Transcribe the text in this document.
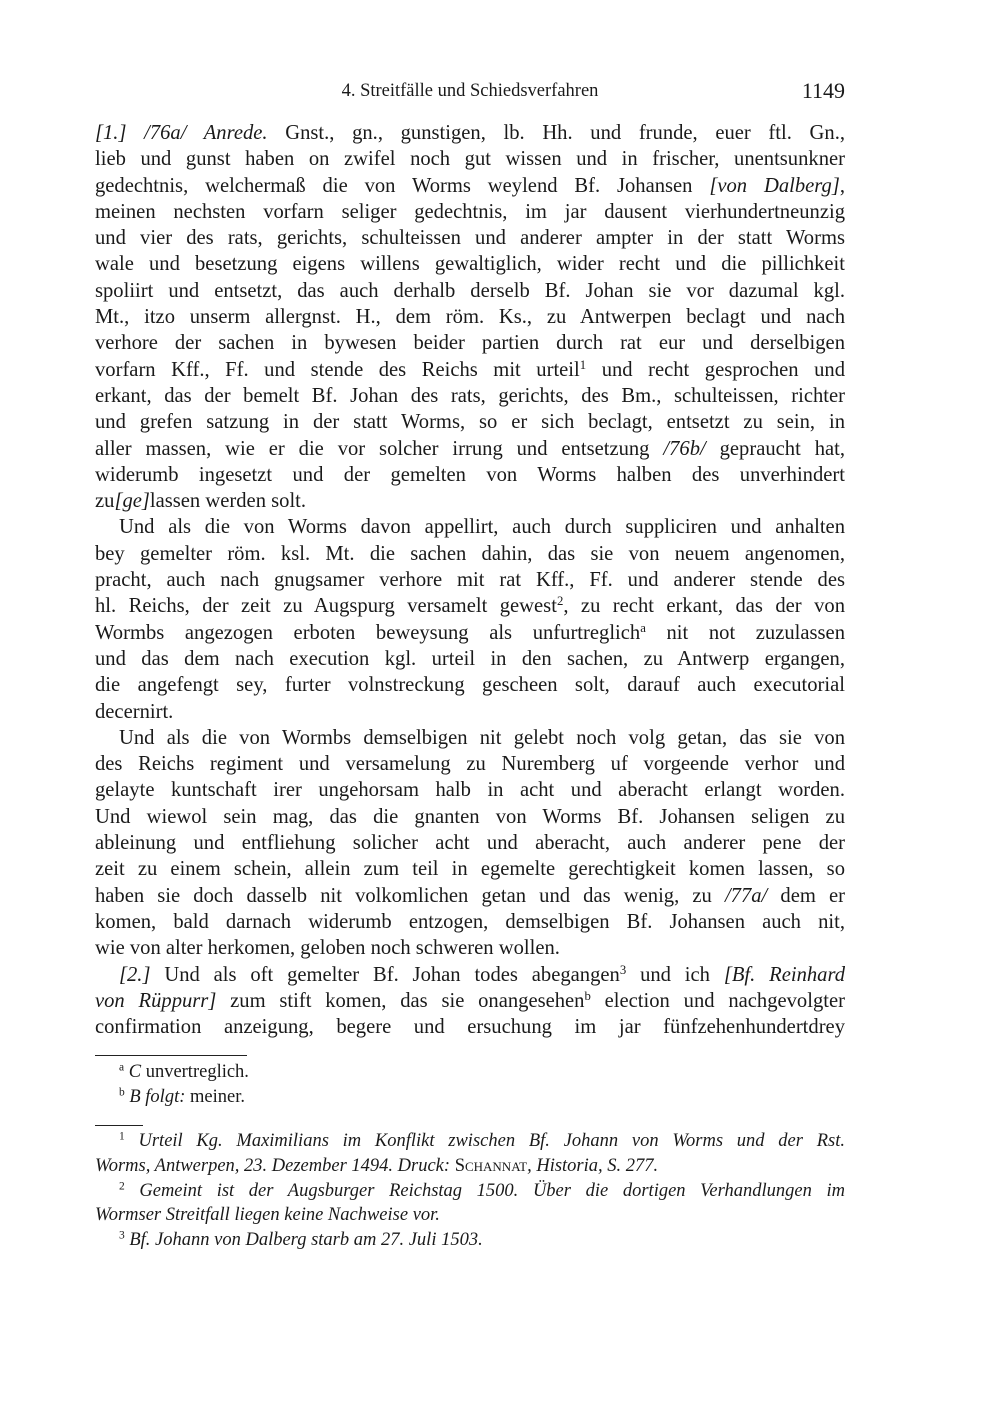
4. Streitfälle und Schiedsverfahren	1149
[1.] /76a/ Anrede. Gnst., gn., gunstigen, lb. Hh. und frunde, euer ftl. Gn.,
lieb und gunst haben on zwifel noch gut wissen und in frischer, unentsunkner
gedechtnis, welchermaß die von Worms weylend Bf. Johansen [von Dalberg],
meinen nechsten vorfarn seliger gedechtnis, im jar dausent vierhundertneunzig
und vier des rats, gerichts, schulteissen und anderer ampter in der statt Worms
wale und besetzung eigens willens gewaltiglich, wider recht und die pillichkeit
spoliirt und entsetzt, das auch derhalb derselb Bf. Johan sie vor dazumal kgl.
Mt., itzo unserm allergnst. H., dem röm. Ks., zu Antwerpen beclagt und nach
verhore der sachen in bywesen beider partien durch rat eur und derselbigen
vorfarn Kff., Ff. und stende des Reichs mit urteil$^1$ und recht gesprochen und
erkant, das der bemelt Bf. Johan des rats, gerichts, des Bm., schulteissen, richter
und grefen satzung in der statt Worms, so er sich beclagt, entsetzt zu sein, in
aller massen, wie er die vor solcher irrung und entsetzung /76b/ gepraucht hat,
widerumb ingesetzt und der gemelten von Worms halben des unverhindert
zu[ge]lassen werden solt.
Und als die von Worms davon appellirt, auch durch suppliciren und anhalten
bey gemelter röm. ksl. Mt. die sachen dahin, das sie von neuem angenomen,
pracht, auch nach gnugsamer verhore mit rat Kff., Ff. und anderer stende des
hl. Reichs, der zeit zu Augspurg versamelt gewest$^2$, zu recht erkant, das der von
Wormbs angezogen erboten beweysung als unfurtreglich$^a$ nit not zuzulassen
und das dem nach execution kgl. urteil in den sachen, zu Antwerp ergangen,
die angefengt sey, furter volnstreckung gescheen solt, darauf auch executorial
decernirt.
Und als die von Wormbs demselbigen nit gelebt noch volg getan, das sie von
des Reichs regiment und versamelung zu Nuremberg uf vorgeende verhor und
gelayte kuntschaft irer ungehorsam halb in acht und aberacht erlangt worden.
Und wiewol sein mag, das die gnanten von Worms Bf. Johansen seligen zu
ableinung und entfliehung solicher acht und aberacht, auch anderer pene der
zeit zu einem schein, allein zum teil in egemelte gerechtigkeit komen lassen, so
haben sie doch dasselb nit volkomlichen getan und das wenig, zu /77a/ dem er
komen, bald darnach widerumb entzogen, demselbigen Bf. Johansen auch nit,
wie von alter herkomen, geloben noch schweren wollen.
[2.] Und als oft gemelter Bf. Johan todes abegangen$^3$ und ich [Bf. Reinhard
von Rüppurr] zum stift komen, das sie onangesehen$^b$ election und nachgevolgter
confirmation anzeigung, begere und ersuchung im jar fünfzehenhundertdrey
$^a$ C unvertreglich.
$^b$ B folgt: meiner.
$^1$ Urteil Kg. Maximilians im Konflikt zwischen Bf. Johann von Worms und der Rst.
Worms, Antwerpen, 23. Dezember 1494. Druck: Schannat, Historia, S. 277.
$^2$ Gemeint ist der Augsburger Reichstag 1500. Über die dortigen Verhandlungen im
Wormser Streitfall liegen keine Nachweise vor.
$^3$ Bf. Johann von Dalberg starb am 27. Juli 1503.
